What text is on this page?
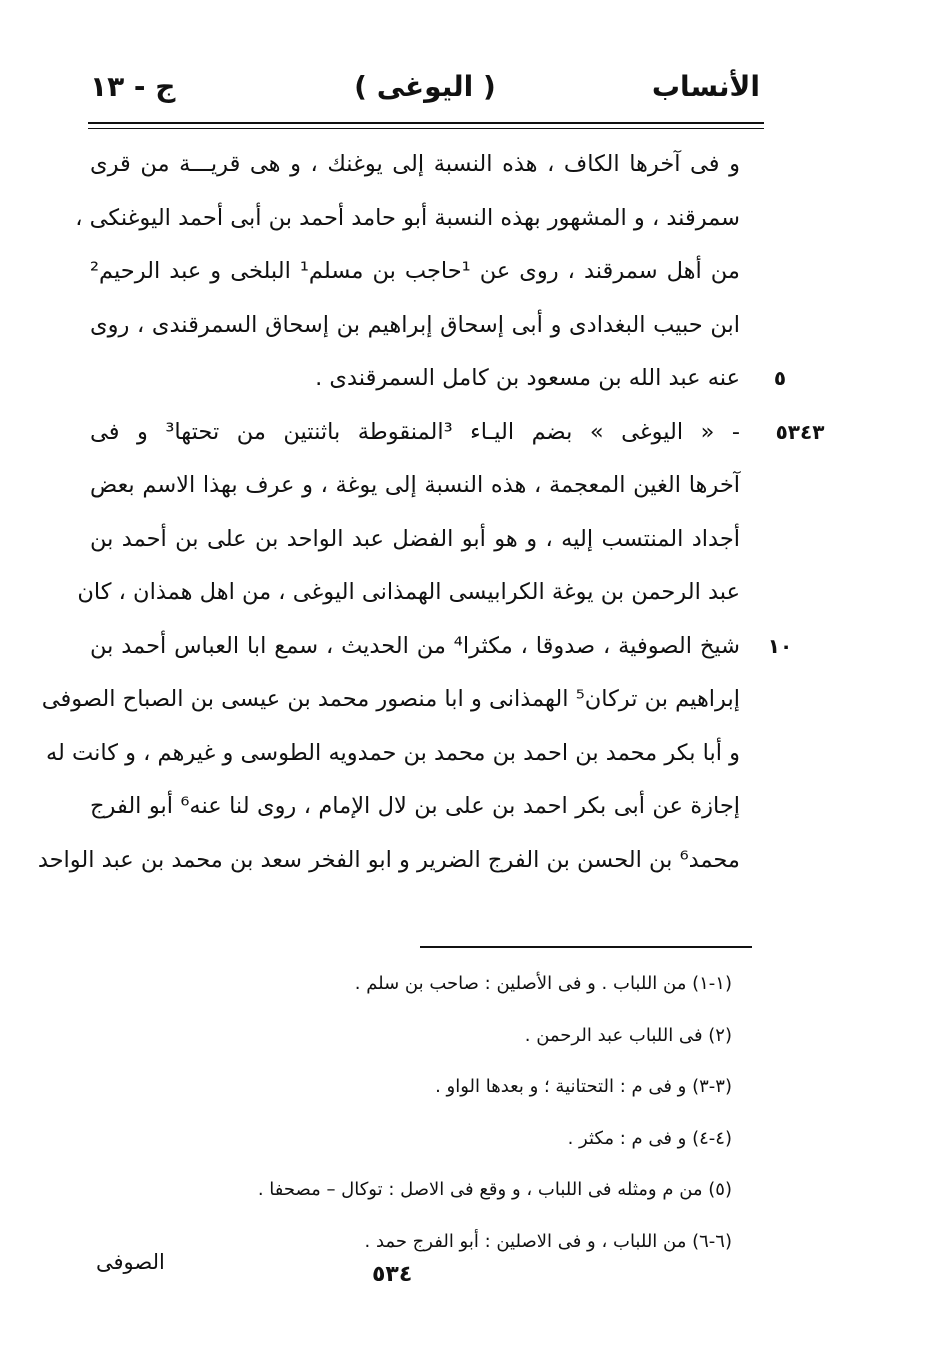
الأنساب
( اليوغى )
ج - ١٣
و فى آخرها الكاف ، هذه النسبة إلى يوغنك ، و هى قريـــة من قرى
سمرقند ، و المشهور بهذه النسبة أبو حامد أحمد بن أبى أحمد اليوغنكى ،
من أهل سمرقند ، روى عن ¹حاجب بن مسلم¹ البلخى و عبد الرحيم²
ابن حبيب البغدادى و أبى إسحاق إبراهيم بن إسحاق السمرقندى ، روى
٥
عنه عبد الله بن مسعود بن كامل السمرقندى .
٥٣٤٣
- « اليوغى » بضم اليـاء ³المنقوطة باثنتين من تحتها³ و فى
آخرها الغين المعجمة ، هذه النسبة إلى يوغة ، و عرف بهذا الاسم بعض
أجداد المنتسب إليه ، و هو أبو الفضل عبد الواحد بن على بن أحمد بن
عبد الرحمن بن يوغة الكرابيسى الهمذانى اليوغى ، من اهل همذان ، كان
١٠
شيخ الصوفية ، صدوقا ، مكثرا⁴ من الحديث ، سمع ابا العباس أحمد بن
إبراهيم بن تركان⁵ الهمذانى و ابا منصور محمد بن عيسى بن الصباح الصوفى
و أبا بكر محمد بن احمد بن محمد بن حمدويه الطوسى و غيرهم ، و كانت له
إجازة عن أبى بكر احمد بن على بن لال الإمام ، روى لنا عنه⁶ أبو الفرج
محمد⁶ بن الحسن بن الفرج الضرير و ابو الفخر سعد بن محمد بن عبد الواحد
(١-١) من اللباب . و فى الأصلين : صاحب بن سلم .
(٢) فى اللباب عبد الرحمن .
(٣-٣) و فى م : التحتانية ؛ و بعدها الواو .
(٤-٤) و فى م : مكثر .
(٥) من م ومثله فى اللباب ، و وقع فى الاصل : توكال – مصحفا .
(٦-٦) من اللباب ، و فى الاصلين : أبو الفرج حمد .
الصوفى	٥٣٤
